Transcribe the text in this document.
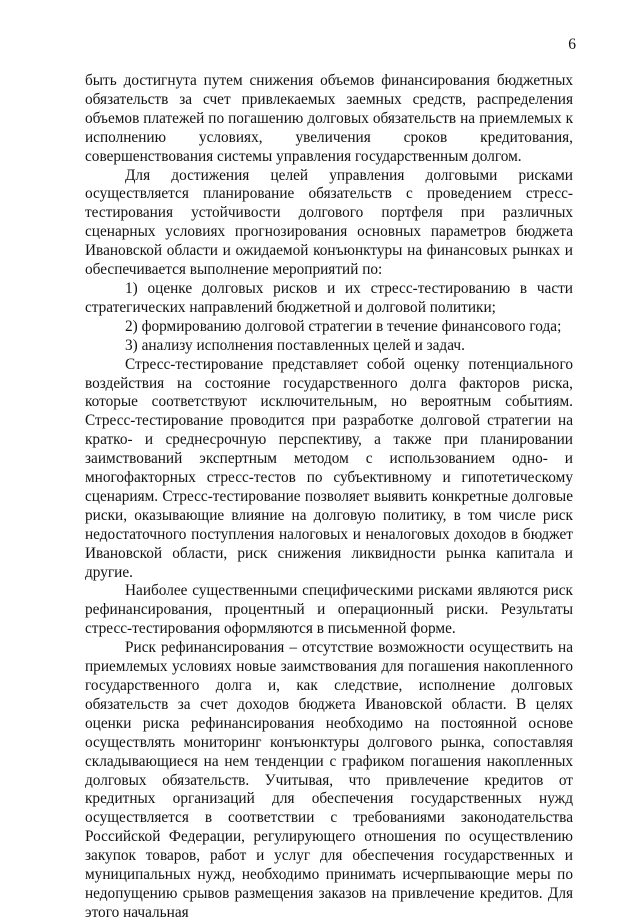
6

быть достигнута путем снижения объемов финансирования бюджетных обязательств за счет привлекаемых заемных средств, распределения объемов платежей по погашению долговых обязательств на приемлемых к исполнению условиях, увеличения сроков кредитования, совершенствования системы управления государственным долгом.

Для достижения целей управления долговыми рисками осуществляется планирование обязательств с проведением стресс-тестирования устойчивости долгового портфеля при различных сценарных условиях прогнозирования основных параметров бюджета Ивановской области и ожидаемой конъюнктуры на финансовых рынках и обеспечивается выполнение мероприятий по:

1) оценке долговых рисков и их стресс-тестированию в части стратегических направлений бюджетной и долговой политики;

2) формированию долговой стратегии в течение финансового года;

3) анализу исполнения поставленных целей и задач.

Стресс-тестирование представляет собой оценку потенциального воздействия на состояние государственного долга факторов риска, которые соответствуют исключительным, но вероятным событиям. Стресс-тестирование проводится при разработке долговой стратегии на кратко- и среднесрочную перспективу, а также при планировании заимствований экспертным методом с использованием одно- и многофакторных стресс-тестов по субъективному и гипотетическому сценариям. Стресс-тестирование позволяет выявить конкретные долговые риски, оказывающие влияние на долговую политику, в том числе риск недостаточного поступления налоговых и неналоговых доходов в бюджет Ивановской области, риск снижения ликвидности рынка капитала и другие.

Наиболее существенными специфическими рисками являются риск рефинансирования, процентный и операционный риски. Результаты стресс-тестирования оформляются в письменной форме.

Риск рефинансирования – отсутствие возможности осуществить на приемлемых условиях новые заимствования для погашения накопленного государственного долга и, как следствие, исполнение долговых обязательств за счет доходов бюджета Ивановской области. В целях оценки риска рефинансирования необходимо на постоянной основе осуществлять мониторинг конъюнктуры долгового рынка, сопоставляя складывающиеся на нем тенденции с графиком погашения накопленных долговых обязательств. Учитывая, что привлечение кредитов от кредитных организаций для обеспечения государственных нужд осуществляется в соответствии с требованиями законодательства Российской Федерации, регулирующего отношения по осуществлению закупок товаров, работ и услуг для обеспечения государственных и муниципальных нужд, необходимо принимать исчерпывающие меры по недопущению срывов размещения заказов на привлечение кредитов. Для этого начальная
